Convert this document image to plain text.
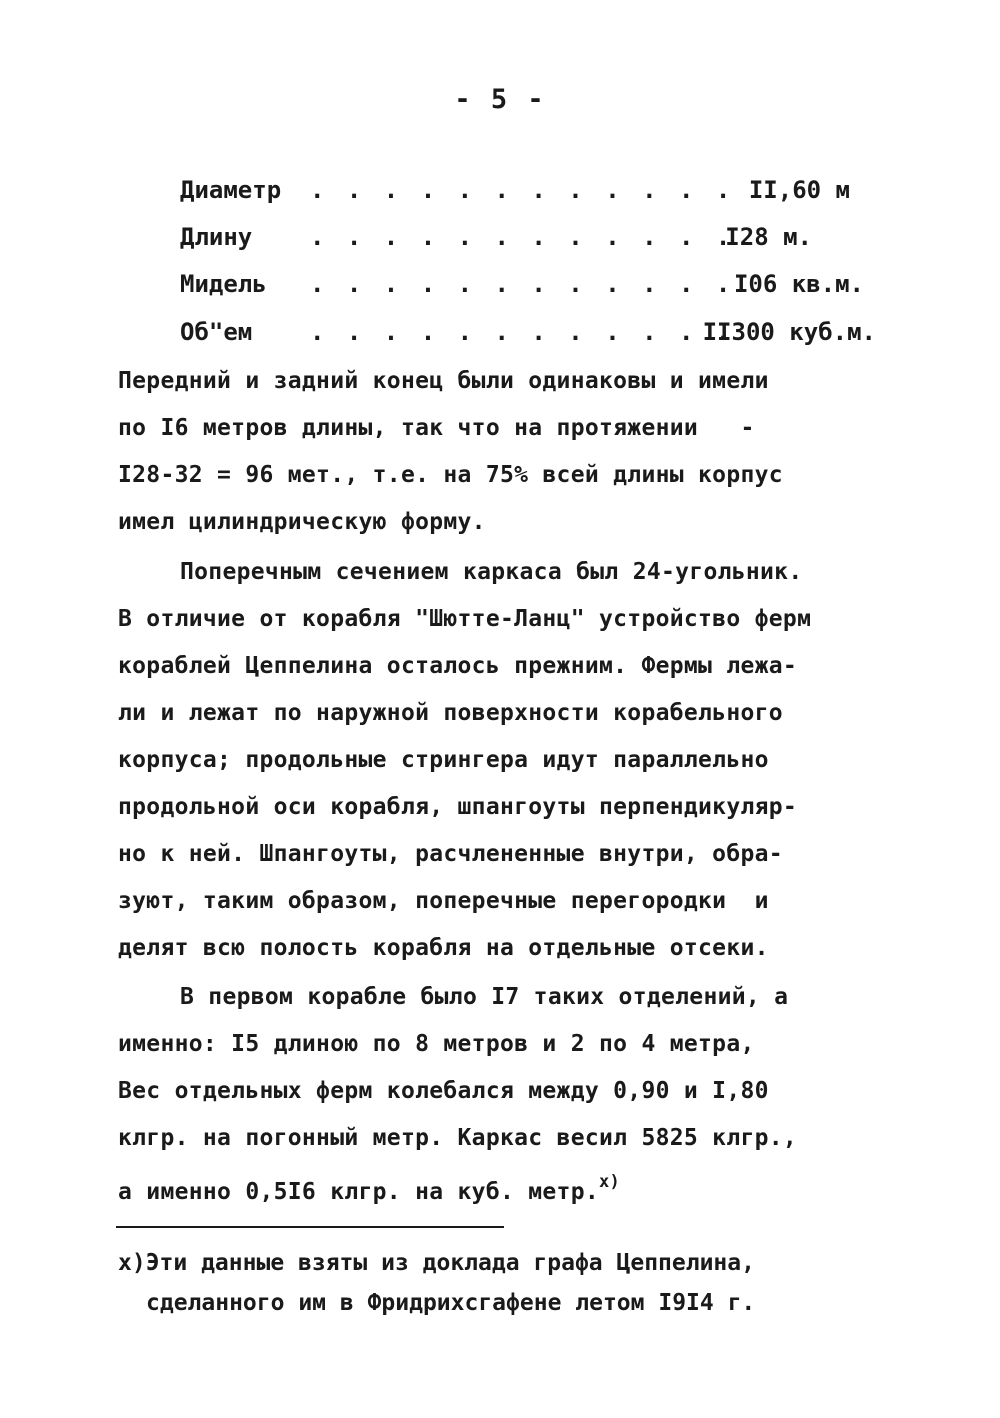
- 5 -
Диаметр . . . . . . . . . . . . II,60 м
Длину . . . . . . . . . . . .
I28 м.
Мидель . . . . . . . . . . . . I06 кв.м.
Об"ем . . . . . . . . . . . .
II300 куб.м.
Передний и задний конец были одинаковы и имели
по I6 метров длины, так что на протяжении   -
I28-32 = 96 мет., т.е. на 75% всей длины корпус
имел цилиндрическую форму.
Поперечным сечением каркаса был 24-угольник.
В отличие от корабля "Шютте-Ланц" устройство ферм
кораблей Цеппелина осталось прежним. Фермы лежа-
ли и лежат по наружной поверхности корабельного
корпуса; продольные стрингера идут параллельно
продольной оси корабля, шпангоуты перпендикуляр-
но к ней. Шпангоуты, расчлененные внутри, обра-
зуют, таким образом, поперечные перегородки  и
делят всю полость корабля на отдельные отсеки.
В первом корабле было I7 таких отделений, а
именно: I5 длиною по 8 метров и 2 по 4 метра,
Вес отдельных ферм колебался между 0,90 и I,80
клгр. на погонный метр. Каркас весил 5825 клгр.,
а именно 0,5I6 клгр. на куб. метр.$^{x)}$
x)Эти данные взяты из доклада графа Цеппелина,
сделанного им в Фридрихсгафене летом I9I4 г.
